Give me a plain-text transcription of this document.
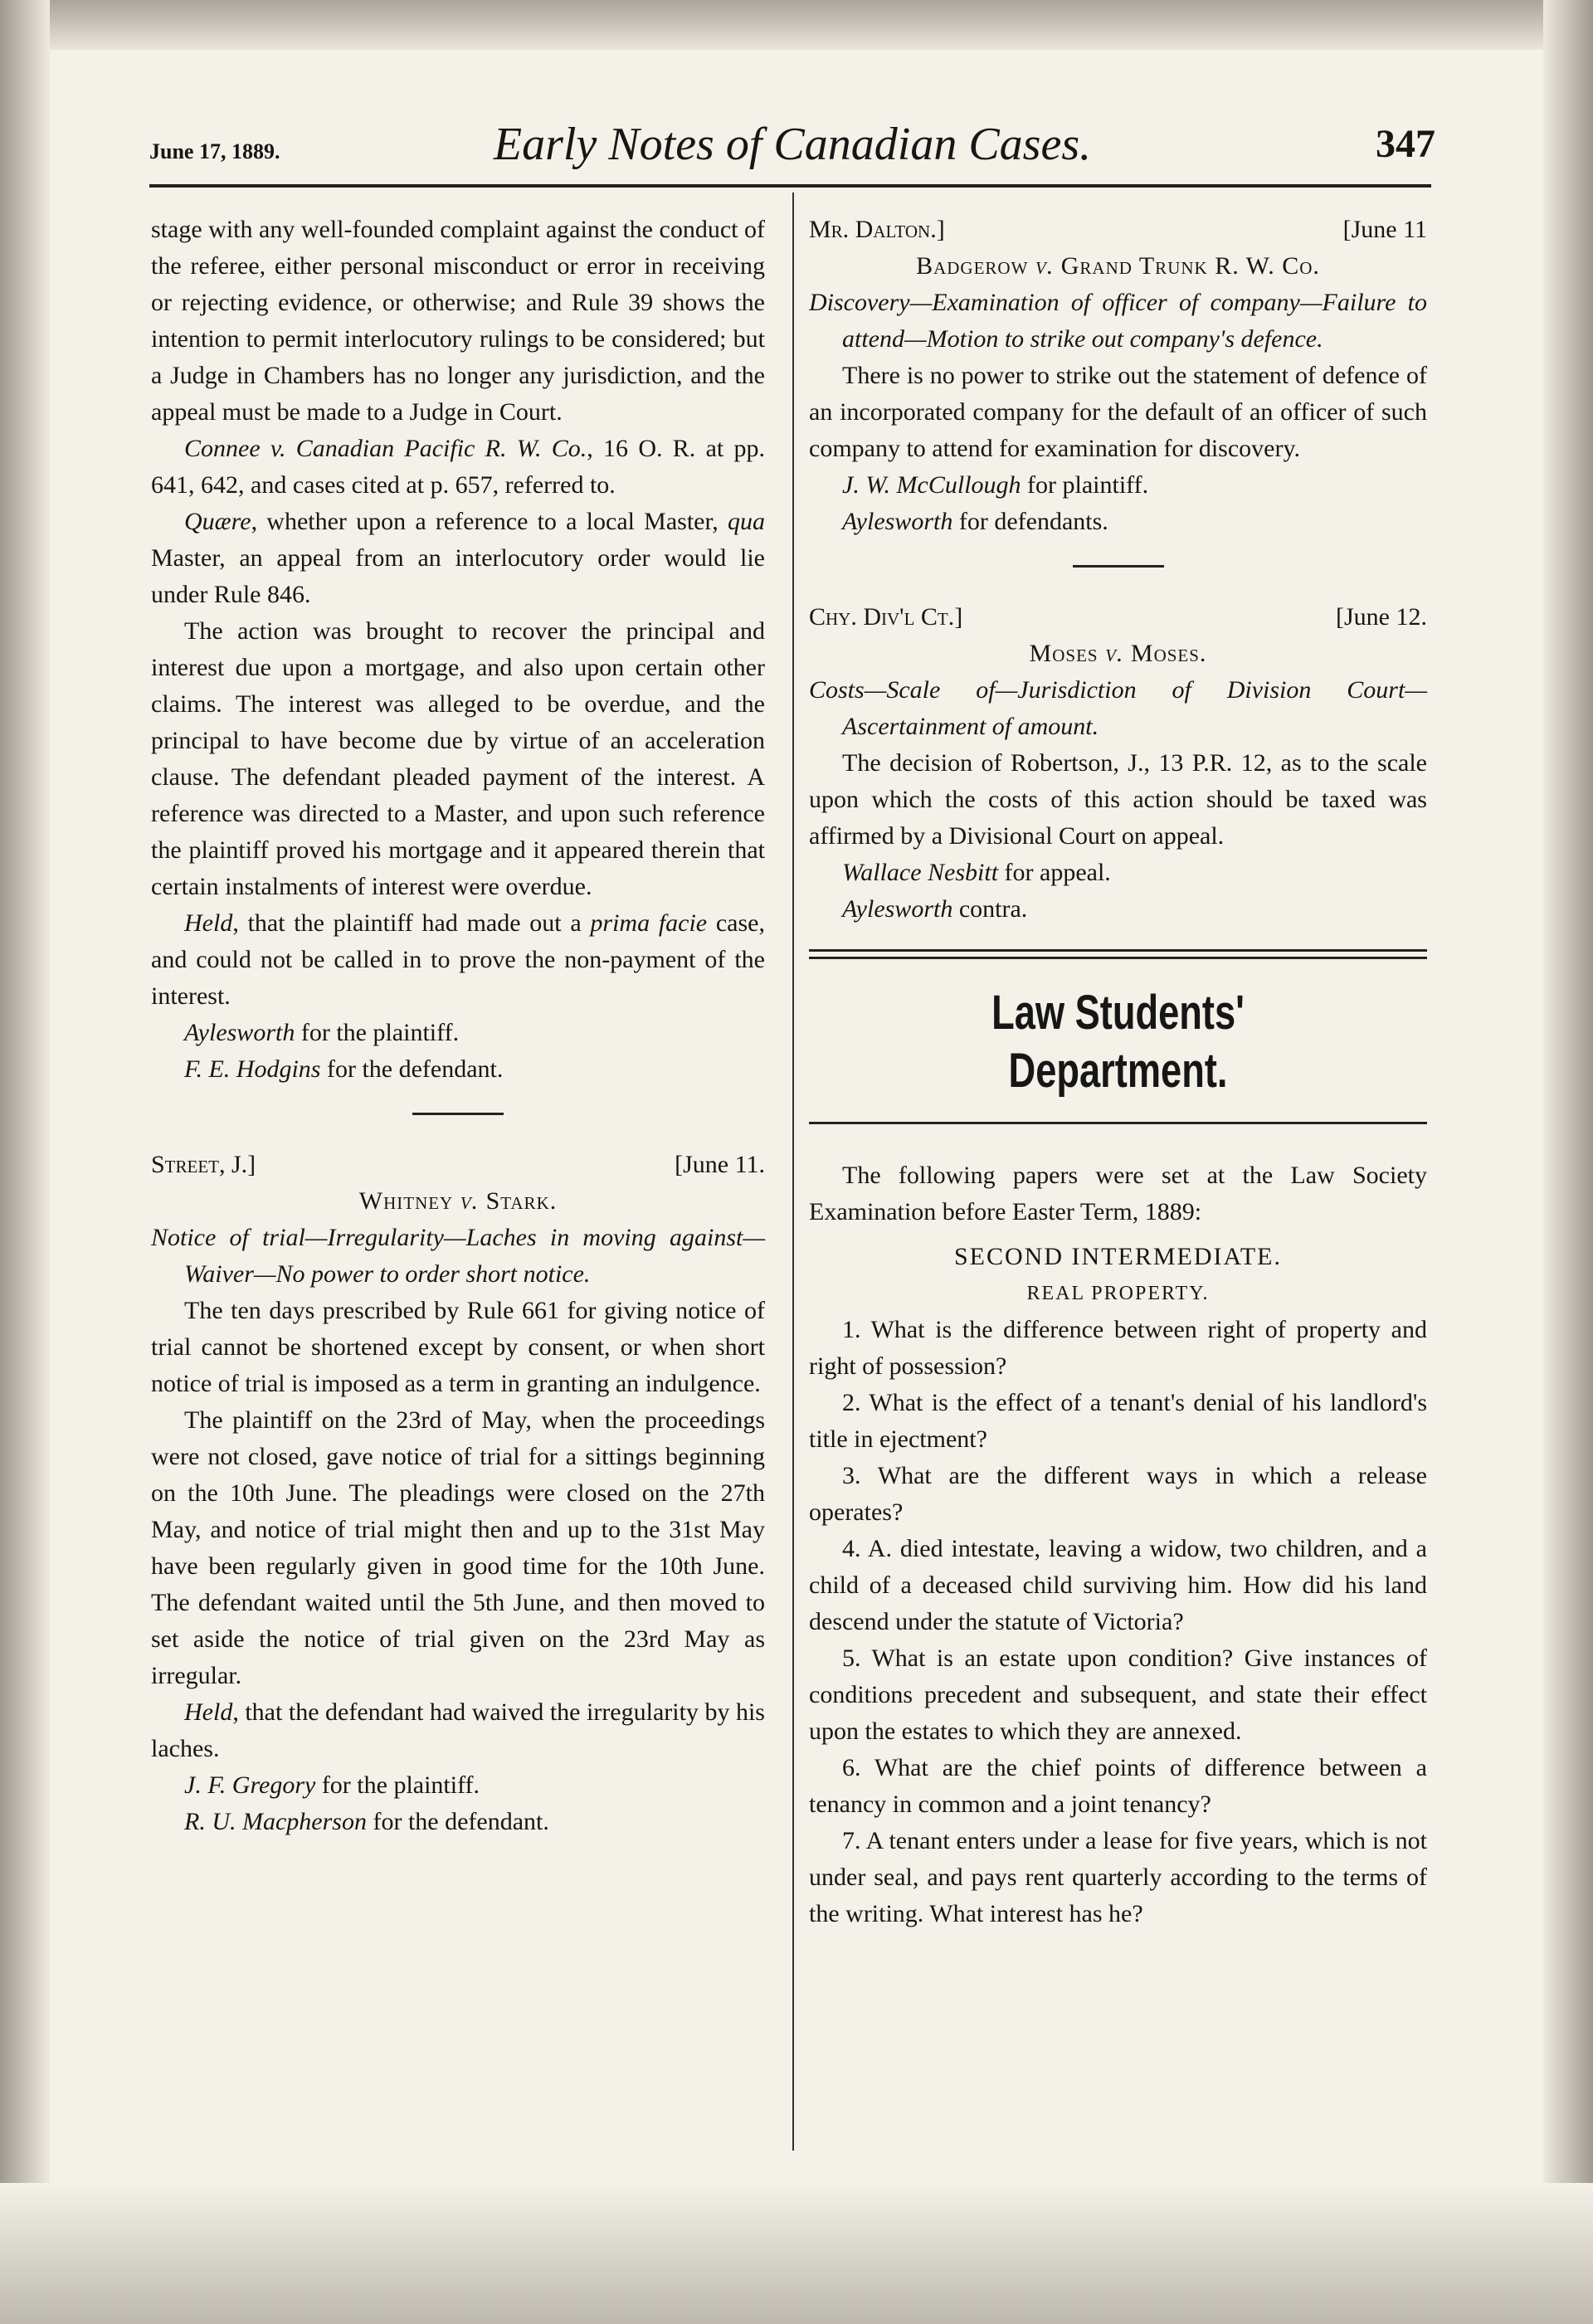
June 17, 1889.	Early Notes of Canadian Cases.	347

stage with any well-founded complaint against the conduct of the referee, either personal misconduct or error in receiving or rejecting evidence, or otherwise; and Rule 39 shows the intention to permit interlocutory rulings to be considered; but a Judge in Chambers has no longer any jurisdiction, and the appeal must be made to a Judge in Court.

Connee v. Canadian Pacific R. W. Co., 16 O. R. at pp. 641, 642, and cases cited at p. 657, referred to.

Quære, whether upon a reference to a local Master, qua Master, an appeal from an interlocutory order would lie under Rule 846.

The action was brought to recover the principal and interest due upon a mortgage, and also upon certain other claims. The interest was alleged to be overdue, and the principal to have become due by virtue of an acceleration clause. The defendant pleaded payment of the interest. A reference was directed to a Master, and upon such reference the plaintiff proved his mortgage and it appeared therein that certain instalments of interest were overdue.

Held, that the plaintiff had made out a prima facie case, and could not be called in to prove the non-payment of the interest.

Aylesworth for the plaintiff.

F. E. Hodgins for the defendant.

Street, J.]	[June 11.
Whitney v. Stark.

Notice of trial—Irregularity—Laches in moving against—Waiver—No power to order short notice.

The ten days prescribed by Rule 661 for giving notice of trial cannot be shortened except by consent, or when short notice of trial is imposed as a term in granting an indulgence.

The plaintiff on the 23rd of May, when the proceedings were not closed, gave notice of trial for a sittings beginning on the 10th June. The pleadings were closed on the 27th May, and notice of trial might then and up to the 31st May have been regularly given in good time for the 10th June. The defendant waited until the 5th June, and then moved to set aside the notice of trial given on the 23rd May as irregular.

Held, that the defendant had waived the irregularity by his laches.

J. F. Gregory for the plaintiff.

R. U. Macpherson for the defendant.

Mr. Dalton.]	[June 11
Badgerow v. Grand Trunk R. W. Co.

Discovery—Examination of officer of company—Failure to attend—Motion to strike out company's defence.

There is no power to strike out the statement of defence of an incorporated company for the default of an officer of such company to attend for examination for discovery.

J. W. McCullough for plaintiff.

Aylesworth for defendants.

Chy. Div'l Ct.]	[June 12.
Moses v. Moses.

Costs—Scale of—Jurisdiction of Division Court—Ascertainment of amount.

The decision of Robertson, J., 13 P.R. 12, as to the scale upon which the costs of this action should be taxed was affirmed by a Divisional Court on appeal.

Wallace Nesbitt for appeal.

Aylesworth contra.

Law Students' Department.

The following papers were set at the Law Society Examination before Easter Term, 1889:

SECOND INTERMEDIATE.
REAL PROPERTY.

1. What is the difference between right of property and right of possession?

2. What is the effect of a tenant's denial of his landlord's title in ejectment?

3. What are the different ways in which a release operates?

4. A. died intestate, leaving a widow, two children, and a child of a deceased child surviving him. How did his land descend under the statute of Victoria?

5. What is an estate upon condition? Give instances of conditions precedent and subsequent, and state their effect upon the estates to which they are annexed.

6. What are the chief points of difference between a tenancy in common and a joint tenancy?

7. A tenant enters under a lease for five years, which is not under seal, and pays rent quarterly according to the terms of the writing. What interest has he?
